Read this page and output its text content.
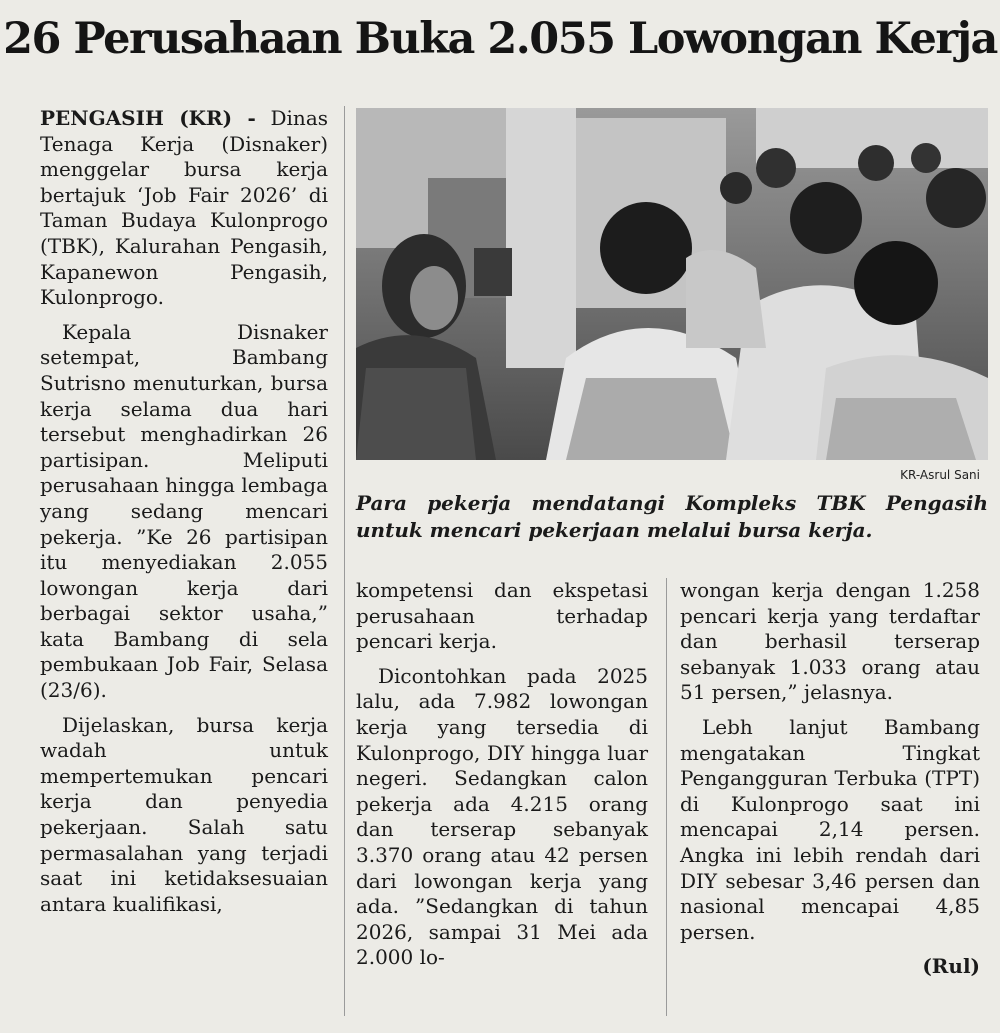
26 Perusahaan Buka 2.055 Lowongan Kerja

PENGASIH (KR) - Dinas Tenaga Kerja (Disnaker) menggelar bursa kerja bertajuk ‘Job Fair 2026’ di Taman Budaya Kulonprogo (TBK), Kalurahan Pengasih, Kapanewon Pengasih, Kulonprogo.

Kepala Disnaker setempat, Bambang Sutrisno menuturkan, bursa kerja selama dua hari tersebut menghadirkan 26 partisipan. Meliputi perusahaan hingga lembaga yang sedang mencari pekerja. ”Ke 26 partisipan itu menyediakan 2.055 lowongan kerja dari berbagai sektor usaha,” kata Bambang di sela pembukaan Job Fair, Selasa (23/6).

Dijelaskan, bursa kerja wadah untuk mempertemukan pencari kerja dan penyedia pekerjaan. Salah satu permasalahan yang terjadi saat ini ketidaksesuaian antara kualifikasi,

KR-Asrul Sani
Para pekerja mendatangi Kompleks TBK Pengasih untuk mencari pekerjaan melalui bursa kerja.

kompetensi dan ekspetasi perusahaan terhadap pencari kerja.

Dicontohkan pada 2025 lalu, ada 7.982 lowongan kerja yang tersedia di Kulonprogo, DIY hingga luar negeri. Sedangkan calon pekerja ada 4.215 orang dan terserap sebanyak 3.370 orang atau 42 persen dari lowongan kerja yang ada. ”Sedangkan di tahun 2026, sampai 31 Mei ada 2.000 lo-

wongan kerja dengan 1.258 pencari kerja yang terdaftar dan berhasil terserap sebanyak 1.033 orang atau 51 persen,” jelasnya.

Lebh lanjut Bambang mengatakan Tingkat Pengangguran Terbuka (TPT) di Kulonprogo saat ini mencapai 2,14 persen. Angka ini lebih rendah dari DIY sebesar 3,46 persen dan nasional mencapai 4,85 persen.

(Rul)
